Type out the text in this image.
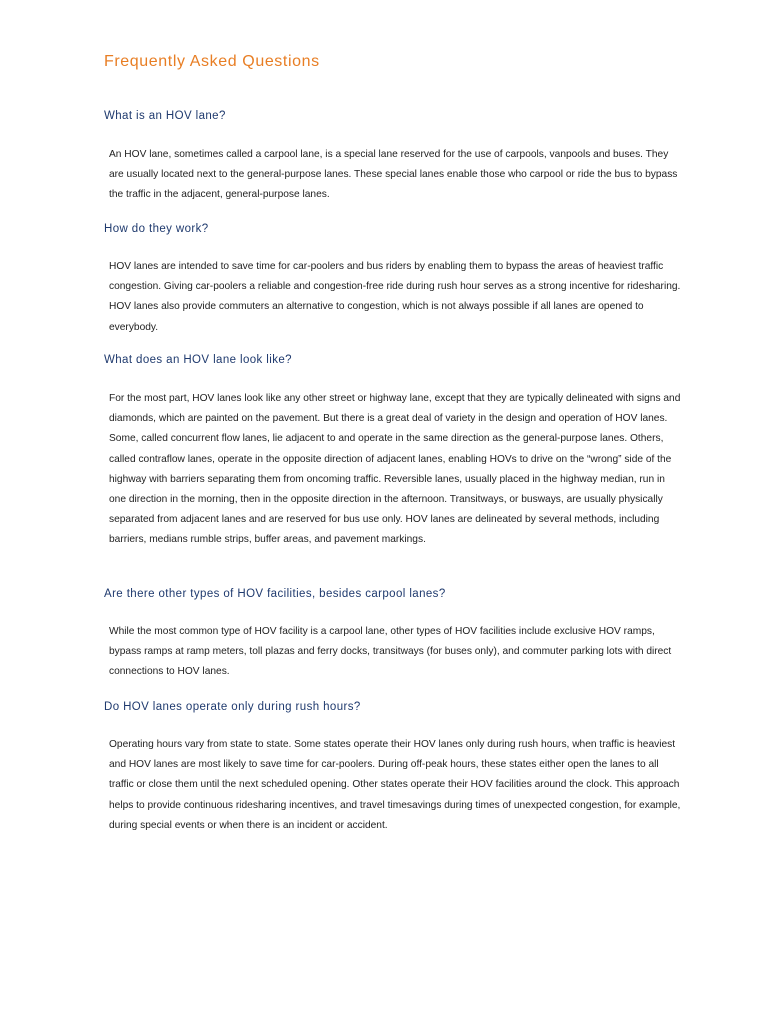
Frequently Asked Questions
What is an HOV lane?

An HOV lane, sometimes called a carpool lane, is a special lane reserved for the use of carpools, vanpools and buses. They are usually located next to the general-purpose lanes. These special lanes enable those who carpool or ride the bus to bypass the traffic in the adjacent, general-purpose lanes.

How do they work?

HOV lanes are intended to save time for car-poolers and bus riders by enabling them to bypass the areas of heaviest traffic congestion. Giving car-poolers a reliable and congestion-free ride during rush hour serves as a strong incentive for ridesharing. HOV lanes also provide commuters an alternative to congestion, which is not always possible if all lanes are opened to everybody.

What does an HOV lane look like?

For the most part, HOV lanes look like any other street or highway lane, except that they are typically delineated with signs and diamonds, which are painted on the pavement. But there is a great deal of variety in the design and operation of HOV lanes. Some, called concurrent flow lanes, lie adjacent to and operate in the same direction as the general-purpose lanes. Others, called contraflow lanes, operate in the opposite direction of adjacent lanes, enabling HOVs to drive on the “wrong” side of the highway with barriers separating them from oncoming traffic. Reversible lanes, usually placed in the highway median, run in one direction in the morning, then in the opposite direction in the afternoon. Transitways, or busways, are usually physically separated from adjacent lanes and are reserved for bus use only. HOV lanes are delineated by several methods, including barriers, medians rumble strips, buffer areas, and pavement markings.

Are there other types of HOV facilities, besides carpool lanes?

While the most common type of HOV facility is a carpool lane, other types of HOV facilities include exclusive HOV ramps, bypass ramps at ramp meters, toll plazas and ferry docks, transitways (for buses only), and commuter parking lots with direct connections to HOV lanes.

Do HOV lanes operate only during rush hours?

Operating hours vary from state to state. Some states operate their HOV lanes only during rush hours, when traffic is heaviest and HOV lanes are most likely to save time for car-poolers. During off-peak hours, these states either open the lanes to all traffic or close them until the next scheduled opening. Other states operate their HOV facilities around the clock. This approach helps to provide continuous ridesharing incentives, and travel timesavings during times of unexpected congestion, for example, during special events or when there is an incident or accident.
